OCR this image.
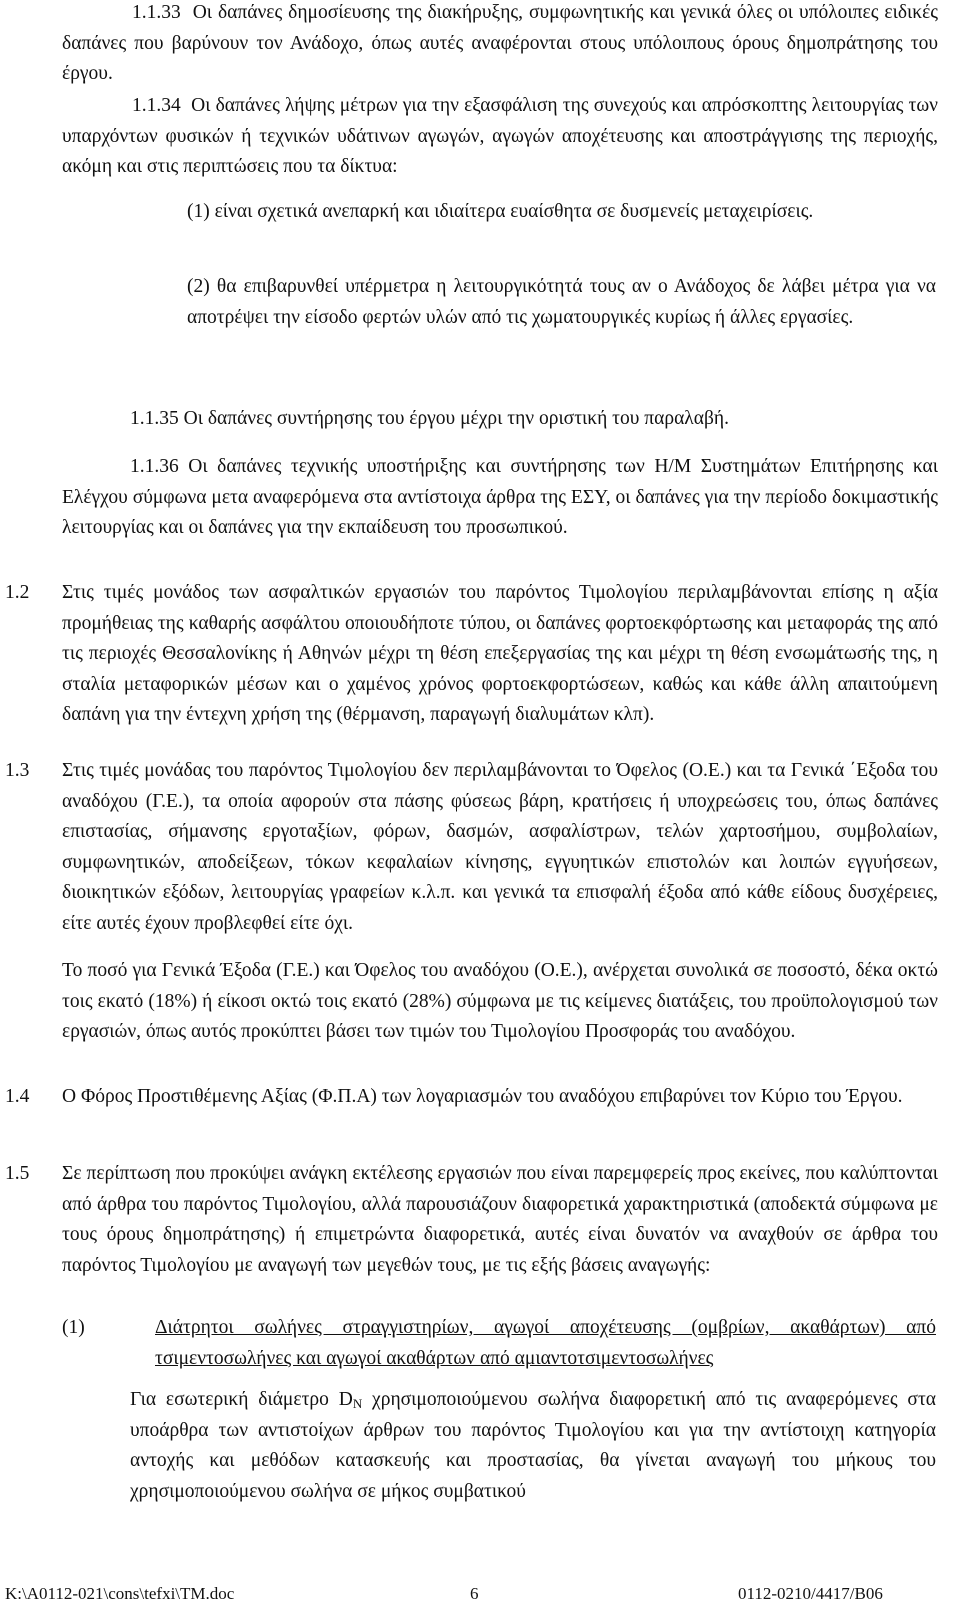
1.1.33 Οι δαπάνες δημοσίευσης της διακήρυξης, συμφωνητικής και γενικά όλες οι υπόλοιπες ειδικές δαπάνες που βαρύνουν τον Ανάδοχο, όπως αυτές αναφέρονται στους υπόλοιπους όρους δημοπράτησης του έργου.

1.1.34 Οι δαπάνες λήψης μέτρων για την εξασφάλιση της συνεχούς και απρόσκοπτης λειτουργίας των υπαρχόντων φυσικών ή τεχνικών υδάτινων αγωγών, αγωγών αποχέτευσης και αποστράγγισης της περιοχής, ακόμη και στις περιπτώσεις που τα δίκτυα:

(1) είναι σχετικά ανεπαρκή και ιδιαίτερα ευαίσθητα σε δυσμενείς μεταχειρίσεις.

(2) θα επιβαρυνθεί υπέρμετρα η λειτουργικότητά τους αν ο Ανάδοχος δε λάβει μέτρα για να αποτρέψει την είσοδο φερτών υλών από τις χωματουργικές κυρίως ή άλλες εργασίες.

1.1.35 Οι δαπάνες συντήρησης του έργου μέχρι την οριστική του παραλαβή.

1.1.36 Οι δαπάνες τεχνικής υποστήριξης και συντήρησης των Η/Μ Συστημάτων Επιτήρησης και Ελέγχου σύμφωνα μετα αναφερόμενα στα αντίστοιχα άρθρα της ΕΣΥ, οι δαπάνες για την περίοδο δοκιμαστικής λειτουργίας και οι δαπάνες για την εκπαίδευση του προσωπικού.

1.2 Στις τιμές μονάδος των ασφαλτικών εργασιών του παρόντος Τιμολογίου περιλαμβάνονται επίσης η αξία προμήθειας της καθαρής ασφάλτου οποιουδήποτε τύπου, οι δαπάνες φορτοεκφόρτωσης και μεταφοράς της από τις περιοχές Θεσσαλονίκης ή Αθηνών μέχρι τη θέση επεξεργασίας της και μέχρι τη θέση ενσωμάτωσής της, η σταλία μεταφορικών μέσων και ο χαμένος χρόνος φορτοεκφορτώσεων, καθώς και κάθε άλλη απαιτούμενη δαπάνη για την έντεχνη χρήση της (θέρμανση, παραγωγή διαλυμάτων κλπ).

1.3 Στις τιμές μονάδας του παρόντος Τιμολογίου δεν περιλαμβάνονται το Όφελος (Ο.Ε.) και τα Γενικά ΄Εξοδα του αναδόχου (Γ.Ε.), τα οποία αφορούν στα πάσης φύσεως βάρη, κρατήσεις ή υποχρεώσεις του, όπως δαπάνες επιστασίας, σήμανσης εργοταξίων, φόρων, δασμών, ασφαλίστρων, τελών χαρτοσήμου, συμβολαίων, συμφωνητικών, αποδείξεων, τόκων κεφαλαίων κίνησης, εγγυητικών επιστολών και λοιπών εγγυήσεων, διοικητικών εξόδων, λειτουργίας γραφείων κ.λ.π. και γενικά τα επισφαλή έξοδα από κάθε είδους δυσχέρειες, είτε αυτές έχουν προβλεφθεί είτε όχι.

Το ποσό για Γενικά Έξοδα (Γ.Ε.) και Όφελος του αναδόχου (Ο.Ε.), ανέρχεται συνολικά σε ποσοστό, δέκα οκτώ τοις εκατό (18%) ή είκοσι οκτώ τοις εκατό (28%) σύμφωνα με τις κείμενες διατάξεις, του προϋπολογισμού των εργασιών, όπως αυτός προκύπτει βάσει των τιμών του Τιμολογίου Προσφοράς του αναδόχου.

1.4 Ο Φόρος Προστιθέμενης Αξίας (Φ.Π.Α) των λογαριασμών του αναδόχου επιβαρύνει τον Κύριο του Έργου.

1.5 Σε περίπτωση που προκύψει ανάγκη εκτέλεσης εργασιών που είναι παρεμφερείς προς εκείνες, που καλύπτονται από άρθρα του παρόντος Τιμολογίου, αλλά παρουσιάζουν διαφορετικά χαρακτηριστικά (αποδεκτά σύμφωνα με τους όρους δημοπράτησης) ή επιμετρώντα διαφορετικά, αυτές είναι δυνατόν να αναχθούν σε άρθρα του παρόντος Τιμολογίου με αναγωγή των μεγεθών τους, με τις εξής βάσεις αναγωγής:

(1)	Διάτρητοι σωλήνες στραγγιστηρίων, αγωγοί αποχέτευσης (ομβρίων, ακαθάρτων) από τσιμεντοσωλήνες και αγωγοί ακαθάρτων από αμιαντοτσιμεντοσωλήνες

Για εσωτερική διάμετρο $D_N$ χρησιμοποιούμενου σωλήνα διαφορετική από τις αναφερόμενες στα υποάρθρα των αντιστοίχων άρθρων του παρόντος Τιμολογίου και για την αντίστοιχη κατηγορία αντοχής και μεθόδων κατασκευής και προστασίας, θα γίνεται αναγωγή του μήκους του χρησιμοποιούμενου σωλήνα σε μήκος συμβατικού

K:\A0112-021\cons\tefxi\TM.doc	6	0112-0210/4417/B06
